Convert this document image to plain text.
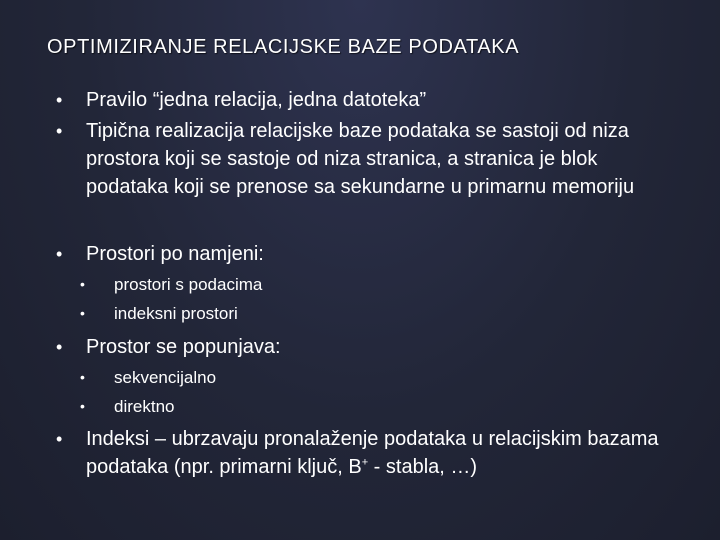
OPTIMIZIRANJE RELACIJSKE BAZE PODATAKA
•	Pravilo “jedna relacija, jedna datoteka”
•	Tipična realizacija relacijske baze podataka se sastoji od niza prostora koji se sastoje od niza stranica, a stranica je blok podataka koji se prenose sa sekundarne u primarnu memoriju
•	Prostori po namjeni:
•	prostori s podacima
•	indeksni prostori
•	Prostor se popunjava:
•	sekvencijalno
•	direktno
•	Indeksi – ubrzavaju pronalaženje podataka u relacijskim bazama podataka (npr. primarni ključ, B+ - stabla, …)
